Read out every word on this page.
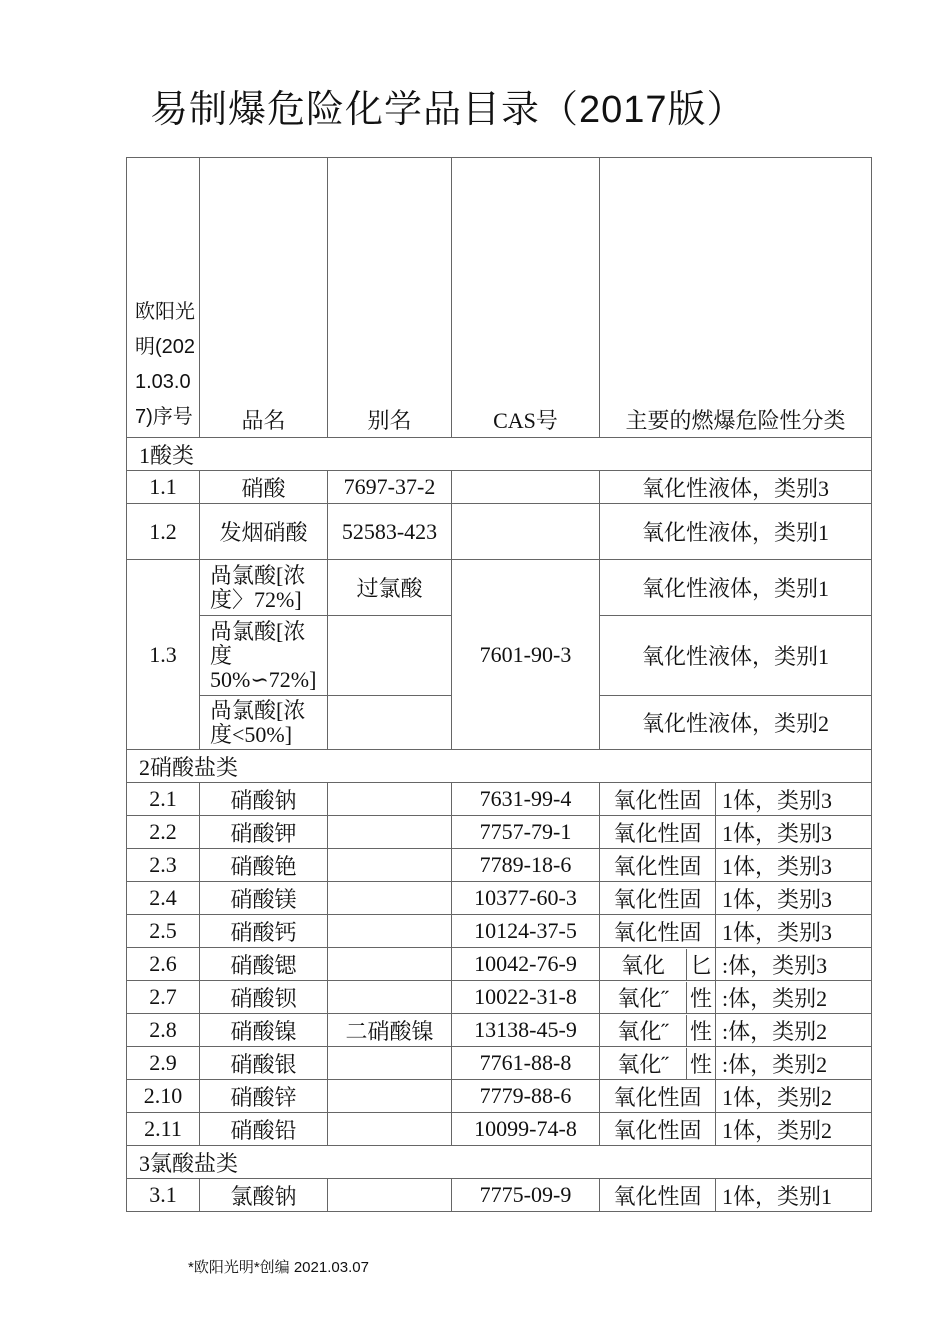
易制爆危险化学品目录（2017版）
欧阳光明(2021.03.07)序号	品名	别名	CAS号	主要的燃爆危险性分类	
1酸类					
1.1	硝酸	7697-37-2		氧化性液体，类别3	
1.2	发烟硝酸	52583-423		氧化性液体，类别1	
1.3	咼氯酸[浓度〉72%]	过氯酸	7601-90-3	氧化性液体，类别1	
	咼氯酸[浓度50%∽72%]			氧化性液体，类别1	
	咼氯酸[浓度<50%]			氧化性液体，类别2	
2硝酸盐类					
2.1	硝酸钠		7631-99-4	氧化性固	1体，类别3
2.2	硝酸钾		7757-79-1	氧化性固	1体，类别3
2.3	硝酸铯		7789-18-6	氧化性固	1体，类别3
2.4	硝酸镁		10377-60-3	氧化性固	1体，类别3
2.5	硝酸钙		10124-37-5	氧化性固	1体，类别3
2.6	硝酸锶		10042-76-9	氧化 匕	:体，类别3
2.7	硝酸钡		10022-31-8	氧化˝ 性	:体，类别2
2.8	硝酸镍	二硝酸镍	13138-45-9	氧化˝ 性	:体，类别2
2.9	硝酸银		7761-88-8	氧化˝ 性	:体，类别2
2.10	硝酸锌		7779-88-6	氧化性固	1体，类别2
2.11	硝酸铅		10099-74-8	氧化性固	1体，类别2
3氯酸盐类					
3.1	氯酸钠		7775-09-9	氧化性固	1体，类别1
*欧阳光明*创编 2021.03.07
